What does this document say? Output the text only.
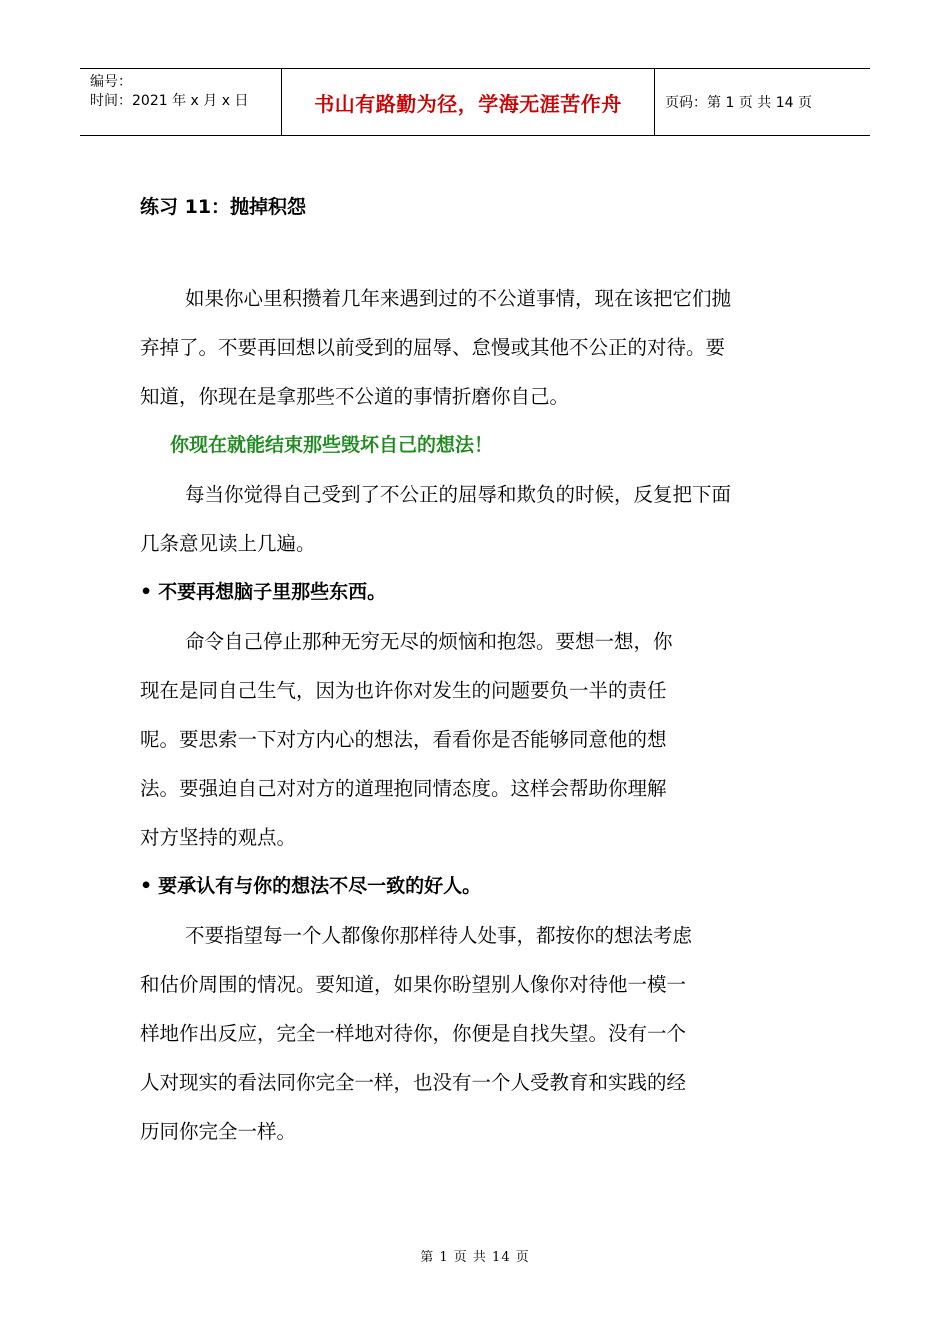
编号：
时间：2021 年 x 月 x 日	书山有路勤为径，学海无涯苦作舟	页码：第 1 页 共 14 页
练习 11：抛掉积怨

如果你心里积攒着几年来遇到过的不公道事情，现在该把它们抛弃掉了。不要再回想以前受到的屈辱、怠慢或其他不公正的对待。要知道，你现在是拿那些不公道的事情折磨你自己。

你现在就能结束那些毁坏自己的想法！

每当你觉得自己受到了不公正的屈辱和欺负的时候，反复把下面几条意见读上几遍。

• 不要再想脑子里那些东西。

命令自己停止那种无穷无尽的烦恼和抱怨。要想一想，你现在是同自己生气，因为也许你对发生的问题要负一半的责任呢。要思索一下对方内心的想法，看看你是否能够同意他的想法。要强迫自己对对方的道理抱同情态度。这样会帮助你理解对方坚持的观点。

• 要承认有与你的想法不尽一致的好人。

不要指望每一个人都像你那样待人处事，都按你的想法考虑和估价周围的情况。要知道，如果你盼望别人像你对待他一模一样地作出反应，完全一样地对待你，你便是自找失望。没有一个人对现实的看法同你完全一样，也没有一个人受教育和实践的经历同你完全一样。

第 1 页 共 14 页
